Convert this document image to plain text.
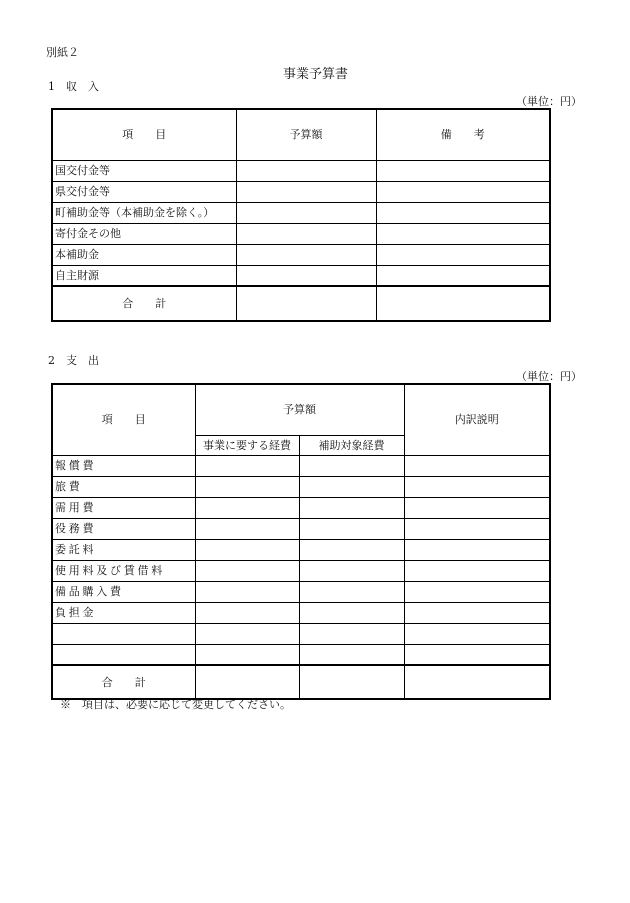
別紙２
事業予算書
1　収　入
（単位：円）
項　　目	予算額	備　　考
国交付金等		
県交付金等		
町補助金等（本補助金を除く。）		
寄付金その他		
本補助金		
自主財源		
合　　計		
2　支　出
（単位：円）
項　　目	予算額		内訳説明
	事業に要する経費	補助対象経費	
報償費			
旅費			
需用費			
役務費			
委託料			
使用料及び賃借料			
備品購入費			
負担金			

合　　計			
※　項目は、必要に応じて変更してください。
